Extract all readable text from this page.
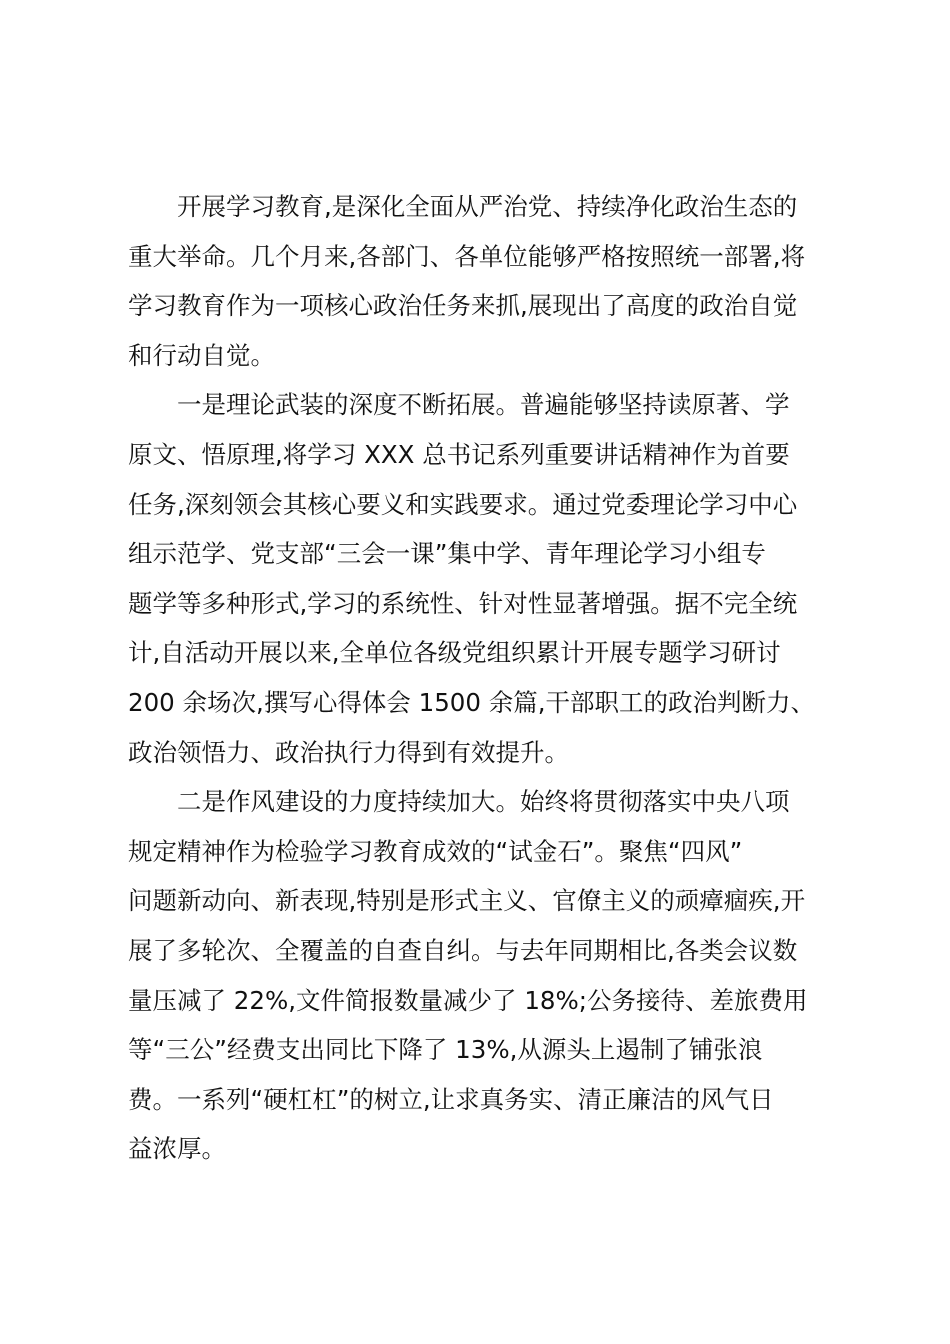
开展学习教育,是深化全面从严治党、持续净化政治生态的
重大举命。几个月来,各部门、各单位能够严格按照统一部署,将
学习教育作为一项核心政治任务来抓,展现出了高度的政治自觉
和行动自觉。
一是理论武装的深度不断拓展。普遍能够坚持读原著、学
原文、悟原理,将学习 XXX 总书记系列重要讲话精神作为首要
任务,深刻领会其核心要义和实践要求。通过党委理论学习中心
组示范学、党支部“三会一课”集中学、青年理论学习小组专
题学等多种形式,学习的系统性、针对性显著增强。据不完全统
计,自活动开展以来,全单位各级党组织累计开展专题学习研讨
200 余场次,撰写心得体会 1500 余篇,干部职工的政治判断力、
政治领悟力、政治执行力得到有效提升。
二是作风建设的力度持续加大。始终将贯彻落实中央八项
规定精神作为检验学习教育成效的“试金石”。聚焦“四风”
问题新动向、新表现,特别是形式主义、官僚主义的顽瘴痼疾,开
展了多轮次、全覆盖的自查自纠。与去年同期相比,各类会议数
量压减了 22%,文件简报数量减少了 18%;公务接待、差旅费用
等“三公”经费支出同比下降了 13%,从源头上遏制了铺张浪
费。一系列“硬杠杠”的树立,让求真务实、清正廉洁的风气日
益浓厚。
